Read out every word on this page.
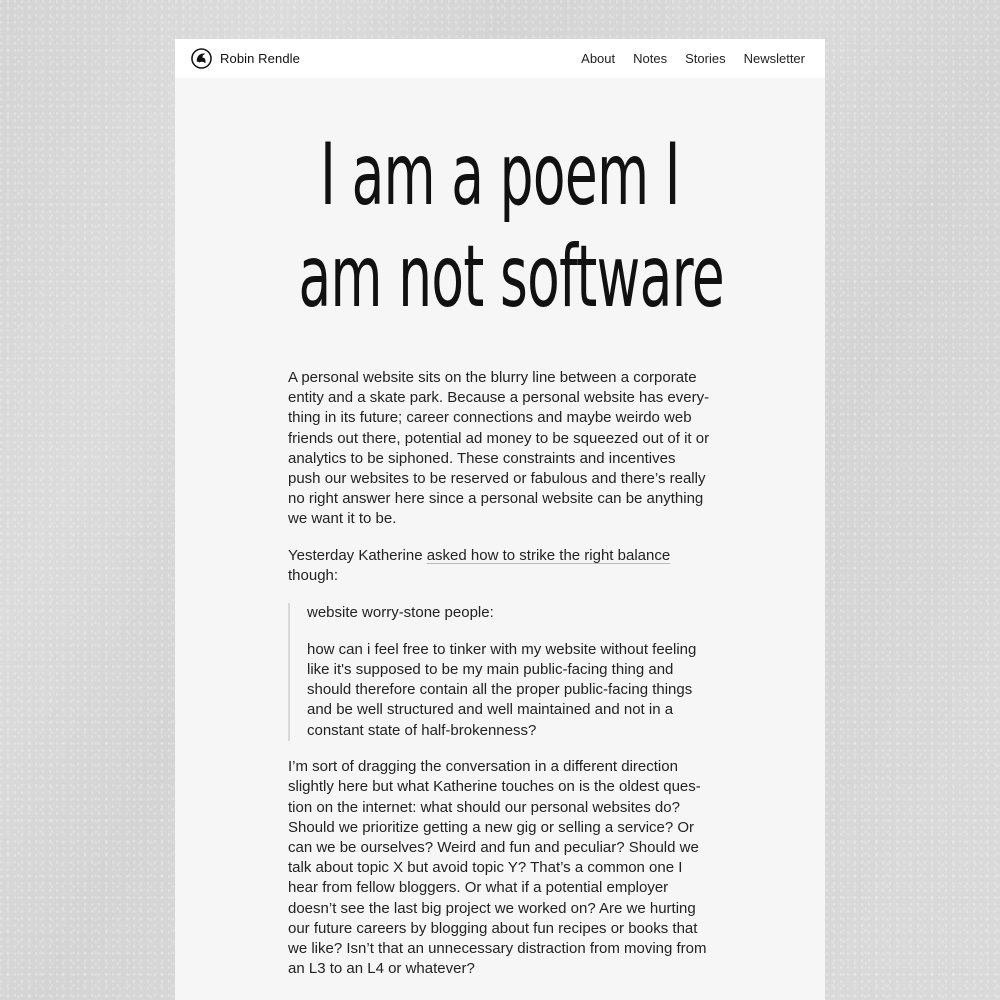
Robin Rendle	About Notes Stories Newsletter
I am a poem I
am not software

A personal website sits on the blurry line between a corporate entity and a skate park. Because a personal website has everything in its future; career connections and maybe weirdo web friends out there, potential ad money to be squeezed out of it or analytics to be siphoned. These constraints and incentives push our websites to be reserved or fabulous and there’s really no right answer here since a personal website can be anything we want it to be.

Yesterday Katherine asked how to strike the right balance though:

website worry-stone people:

how can i feel free to tinker with my website without feeling like it's supposed to be my main public-facing thing and should therefore contain all the proper public-facing things and be well structured and well maintained and not in a constant state of half-brokenness?

I’m sort of dragging the conversation in a different direction slightly here but what Katherine touches on is the oldest question on the internet: what should our personal websites do? Should we prioritize getting a new gig or selling a service? Or can we be ourselves? Weird and fun and peculiar? Should we talk about topic X but avoid topic Y? That’s a common one I hear from fellow bloggers. Or what if a potential employer doesn’t see the last big project we worked on? Are we hurting our future careers by blogging about fun recipes or books that we like? Isn’t that an unnecessary distraction from moving from an L3 to an L4 or whatever?
